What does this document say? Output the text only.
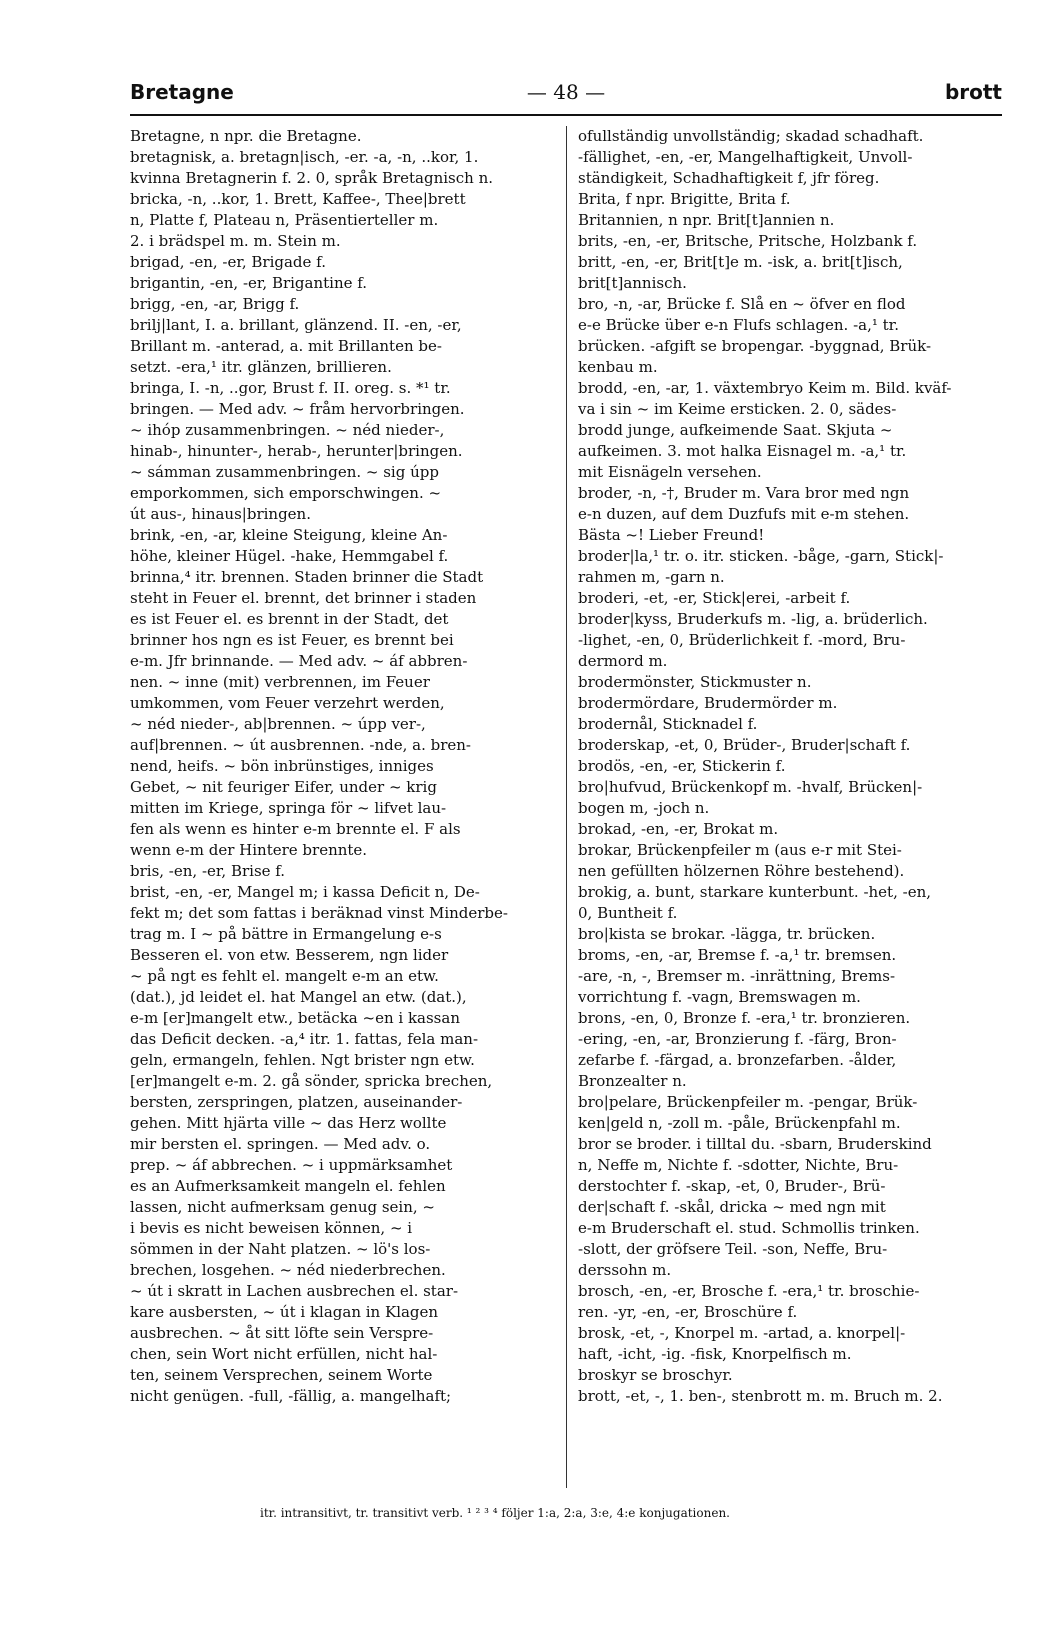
Bretagne	— 48 —	brott
Bretagne, n npr. die Bretagne.
bretagnisk, a. bretagn|isch, -er. -a, -n, ..kor, 1.
kvinna Bretagnerin f. 2. 0, språk Bretagnisch n.
bricka, -n, ..kor, 1. Brett, Kaffee-, Thee|brett
n, Platte f, Plateau n, Präsentierteller m.
2. i brädspel m. m. Stein m.
brigad, -en, -er, Brigade f.
brigantin, -en, -er, Brigantine f.
brigg, -en, -ar, Brigg f.
brilj|lant, I. a. brillant, glänzend. II. -en, -er,
Brillant m. -anterad, a. mit Brillanten be-
setzt. -era,¹ itr. glänzen, brillieren.
bringa, I. -n, ..gor, Brust f. II. oreg. s. *¹ tr.
bringen. — Med adv. ~ fråm hervorbringen.
~ ihóp zusammenbringen. ~ néd nieder-,
hinab-, hinunter-, herab-, herunter|bringen.
~ sámman zusammenbringen. ~ sig úpp
emporkommen, sich emporschwingen. ~
út aus-, hinaus|bringen.
brink, -en, -ar, kleine Steigung, kleine An-
höhe, kleiner Hügel. -hake, Hemmgabel f.
brinna,⁴ itr. brennen. Staden brinner die Stadt
steht in Feuer el. brennt, det brinner i staden
es ist Feuer el. es brennt in der Stadt, det
brinner hos ngn es ist Feuer, es brennt bei
e-m. Jfr brinnande. — Med adv. ~ áf abbren-
nen. ~ inne (mit) verbrennen, im Feuer
umkommen, vom Feuer verzehrt werden,
~ néd nieder-, ab|brennen. ~ úpp ver-,
auf|brennen. ~ út ausbrennen. -nde, a. bren-
nend, heifs. ~ bön inbrünstiges, inniges
Gebet, ~ nit feuriger Eifer, under ~ krig
mitten im Kriege, springa för ~ lifvet lau-
fen als wenn es hinter e-m brennte el. F als
wenn e-m der Hintere brennte.
bris, -en, -er, Brise f.
brist, -en, -er, Mangel m; i kassa Deficit n, De-
fekt m; det som fattas i beräknad vinst Minderbe-
trag m. I ~ på bättre in Ermangelung e-s
Besseren el. von etw. Besserem, ngn lider
~ på ngt es fehlt el. mangelt e-m an etw.
(dat.), jd leidet el. hat Mangel an etw. (dat.),
e-m [er]mangelt etw., betäcka ~en i kassan
das Deficit decken. -a,⁴ itr. 1. fattas, fela man-
geln, ermangeln, fehlen. Ngt brister ngn etw.
[er]mangelt e-m. 2. gå sönder, spricka brechen,
bersten, zerspringen, platzen, auseinander-
gehen. Mitt hjärta ville ~ das Herz wollte
mir bersten el. springen. — Med adv. o.
prep. ~ áf abbrechen. ~ i uppmärksamhet
es an Aufmerksamkeit mangeln el. fehlen
lassen, nicht aufmerksam genug sein, ~
i bevis es nicht beweisen können, ~ i
sömmen in der Naht platzen. ~ lö's los-
brechen, losgehen. ~ néd niederbrechen.
~ út i skratt in Lachen ausbrechen el. star-
kare ausbersten, ~ út i klagan in Klagen
ausbrechen. ~ åt sitt löfte sein Verspre-
chen, sein Wort nicht erfüllen, nicht hal-
ten, seinem Versprechen, seinem Worte
nicht genügen. -full, -fällig, a. mangelhaft;
ofullständig unvollständig; skadad schadhaft.
-fällighet, -en, -er, Mangelhaftigkeit, Unvoll-
ständigkeit, Schadhaftigkeit f, jfr föreg.
Brita, f npr. Brigitte, Brita f.
Britannien, n npr. Brit[t]annien n.
brits, -en, -er, Britsche, Pritsche, Holzbank f.
britt, -en, -er, Brit[t]e m. -isk, a. brit[t]isch,
brit[t]annisch.
bro, -n, -ar, Brücke f. Slå en ~ öfver en flod
e-e Brücke über e-n Flufs schlagen. -a,¹ tr.
brücken. -afgift se bropengar. -byggnad, Brük-
kenbau m.
brodd, -en, -ar, 1. växtembryo Keim m. Bild. kväf-
va i sin ~ im Keime ersticken. 2. 0, sädes-
brodd junge, aufkeimende Saat. Skjuta ~
aufkeimen. 3. mot halka Eisnagel m. -a,¹ tr.
mit Eisnägeln versehen.
broder, -n, -†, Bruder m. Vara bror med ngn
e-n duzen, auf dem Duzfufs mit e-m stehen.
Bästa ~! Lieber Freund!
broder|la,¹ tr. o. itr. sticken. -båge, -garn, Stick|-
rahmen m, -garn n.
broderi, -et, -er, Stick|erei, -arbeit f.
broder|kyss, Bruderkufs m. -lig, a. brüderlich.
-lighet, -en, 0, Brüderlichkeit f. -mord, Bru-
dermord m.
brodermönster, Stickmuster n.
brodermördare, Brudermörder m.
brodernål, Sticknadel f.
broderskap, -et, 0, Brüder-, Bruder|schaft f.
brodös, -en, -er, Stickerin f.
bro|hufvud, Brückenkopf m. -hvalf, Brücken|-
bogen m, -joch n.
brokad, -en, -er, Brokat m.
brokar, Brückenpfeiler m (aus e-r mit Stei-
nen gefüllten hölzernen Röhre bestehend).
brokig, a. bunt, starkare kunterbunt. -het, -en,
0, Buntheit f.
bro|kista se brokar. -lägga, tr. brücken.
broms, -en, -ar, Bremse f. -a,¹ tr. bremsen.
-are, -n, -, Bremser m. -inrättning, Brems-
vorrichtung f. -vagn, Bremswagen m.
brons, -en, 0, Bronze f. -era,¹ tr. bronzieren.
-ering, -en, -ar, Bronzierung f. -färg, Bron-
zefarbe f. -färgad, a. bronzefarben. -ålder,
Bronzealter n.
bro|pelare, Brückenpfeiler m. -pengar, Brük-
ken|geld n, -zoll m. -påle, Brückenpfahl m.
bror se broder. i tilltal du. -sbarn, Bruderskind
n, Neffe m, Nichte f. -sdotter, Nichte, Bru-
derstochter f. -skap, -et, 0, Bruder-, Brü-
der|schaft f. -skål, dricka ~ med ngn mit
e-m Bruderschaft el. stud. Schmollis trinken.
-slott, der gröfsere Teil. -son, Neffe, Bru-
derssohn m.
brosch, -en, -er, Brosche f. -era,¹ tr. broschie-
ren. -yr, -en, -er, Broschüre f.
brosk, -et, -, Knorpel m. -artad, a. knorpel|-
haft, -icht, -ig. -fisk, Knorpelfisch m.
broskyr se broschyr.
brott, -et, -, 1. ben-, stenbrott m. m. Bruch m. 2.
itr. intransitivt, tr. transitivt verb. ¹ ² ³ ⁴ följer 1:a, 2:a, 3:e, 4:e konjugationen.
